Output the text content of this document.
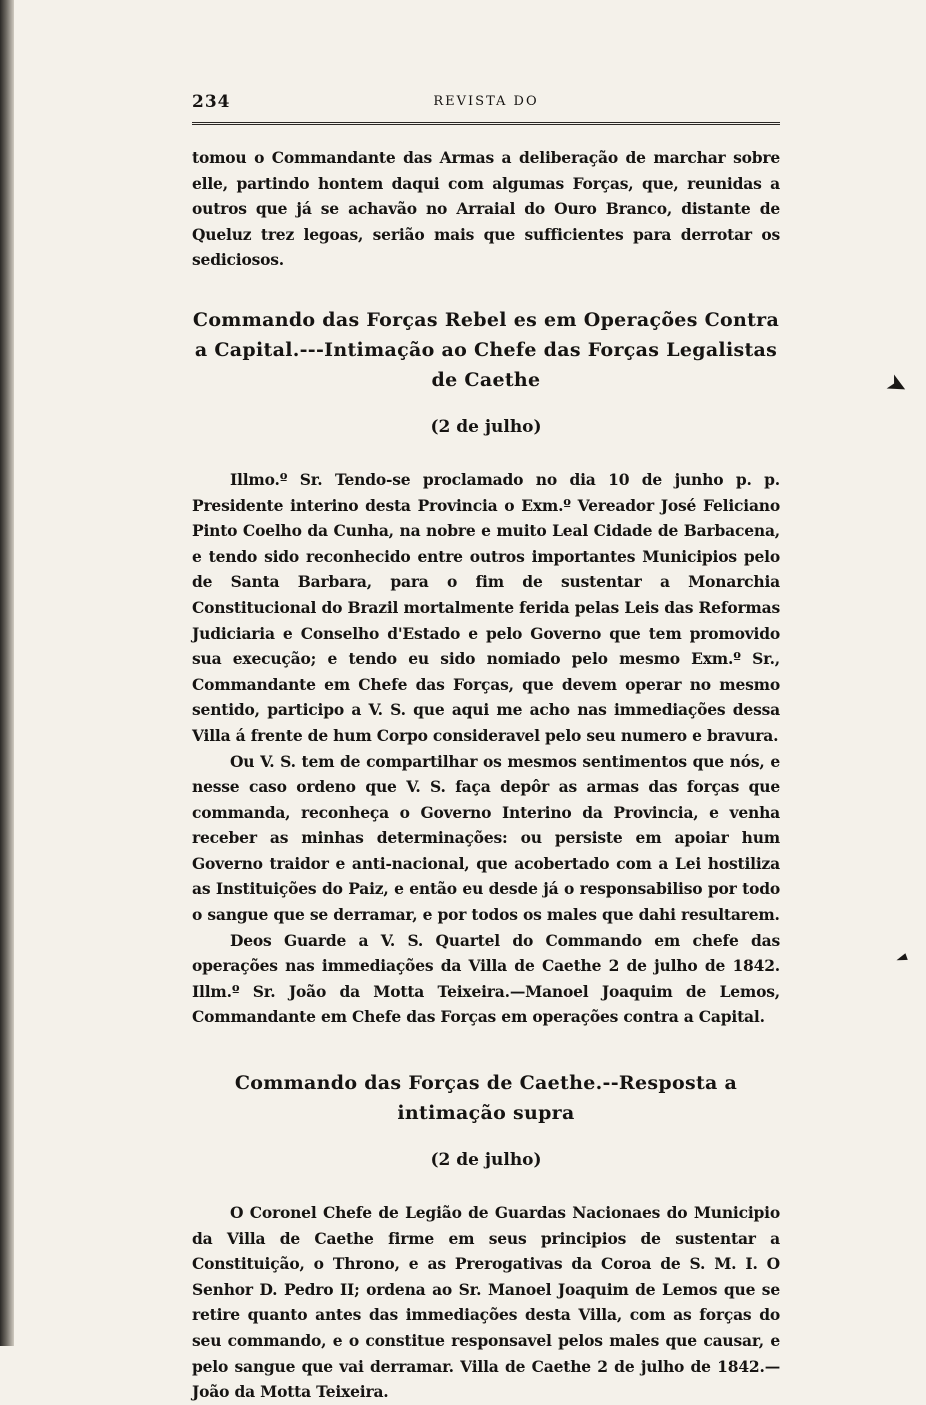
➤
◄
234	REVISTA DO

tomou o Commandante das Armas a deliberação de marchar sobre elle, partindo hontem daqui com algumas Forças, que, reunidas a outros que já se achavão no Arraial do Ouro Branco, distante de Queluz trez legoas, serião mais que sufficientes para derrotar os sediciosos.

Commando das Forças Rebel es em Operações Contra a Capital.---Intimação ao Chefe das Forças Legalistas de Caethe
(2 de julho)

Illmo.º Sr. Tendo-se proclamado no dia 10 de junho p. p. Presidente interino desta Provincia o Exm.º Vereador José Feliciano Pinto Coelho da Cunha, na nobre e muito Leal Cidade de Barbacena, e tendo sido reconhecido entre outros importantes Municipios pelo de Santa Barbara, para o fim de sustentar a Monarchia Constitucional do Brazil mortalmente ferida pelas Leis das Reformas Judiciaria e Conselho d'Estado e pelo Governo que tem promovido sua execução; e tendo eu sido nomiado pelo mesmo Exm.º Sr., Commandante em Chefe das Forças, que devem operar no mesmo sentido, participo a V. S. que aqui me acho nas immediações dessa Villa á frente de hum Corpo consideravel pelo seu numero e bravura.

Ou V. S. tem de compartilhar os mesmos sentimentos que nós, e nesse caso ordeno que V. S. faça depôr as armas das forças que commanda, reconheça o Governo Interino da Provincia, e venha receber as minhas determinações: ou persiste em apoiar hum Governo traidor e anti-nacional, que acobertado com a Lei hostiliza as Instituições do Paiz, e então eu desde já o responsabiliso por todo o sangue que se derramar, e por todos os males que dahi resultarem.

Deos Guarde a V. S. Quartel do Commando em chefe das operações nas immediações da Villa de Caethe 2 de julho de 1842. Illm.º Sr. João da Motta Teixeira.—Manoel Joaquim de Lemos, Commandante em Chefe das Forças em operações contra a Capital.

Commando das Forças de Caethe.--Resposta a intimação supra
(2 de julho)

O Coronel Chefe de Legião de Guardas Nacionaes do Municipio da Villa de Caethe firme em seus principios de sustentar a Constituição, o Throno, e as Prerogativas da Coroa de S. M. I. O Senhor D. Pedro II; ordena ao Sr. Manoel Joaquim de Lemos que se retire quanto antes das immediações desta Villa, com as forças do seu commando, e o constitue responsavel pelos males que causar, e pelo sangue que vai derramar. Villa de Caethe 2 de julho de 1842.—João da Motta Teixeira.
